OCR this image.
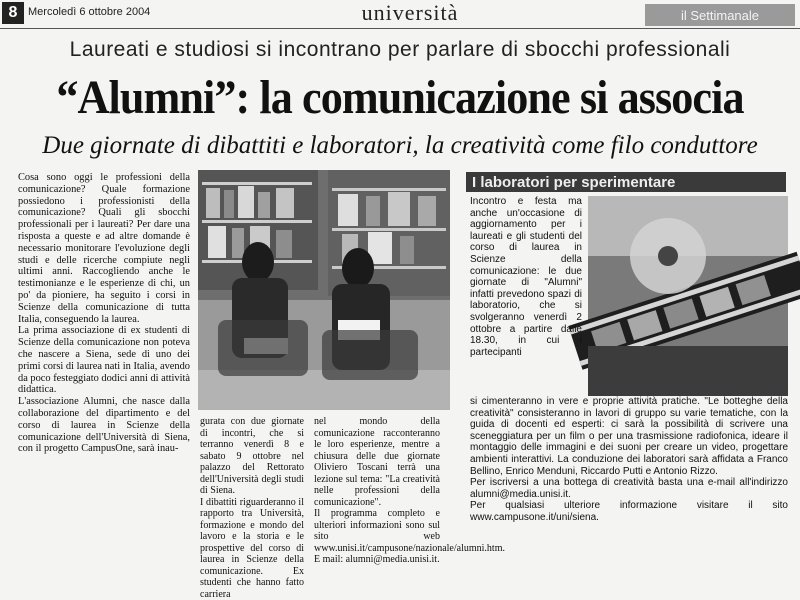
8 Mercoledì 6 ottobre 2004	università	il Settimanale
Laureati e studiosi si incontrano per parlare di sbocchi professionali
“Alumni”: la comunicazione si associa
Due giornate di dibattiti e laboratori, la creatività come filo conduttore

Cosa sono oggi le professioni della comunicazione? Quale formazione possiedono i professionisti della comunicazione? Quali gli sbocchi professionali per i laureati? Per dare una risposta a queste e ad altre domande è necessario monitorare l'evoluzione degli studi e delle ricerche compiute negli ultimi anni. Raccogliendo anche le testimonianze e le esperienze di chi, un po' da pioniere, ha seguito i corsi in Scienze della comunicazione di tutta Italia, conseguendo la laurea.

La prima associazione di ex studenti di Scienze della comunicazione non poteva che nascere a Siena, sede di uno dei primi corsi di laurea nati in Italia, avendo da poco festeggiato dodici anni di attività didattica.

L'associazione Alumni, che nasce dalla collaborazione del dipartimento e del corso di laurea in Scienze della comunicazione dell'Università di Siena, con il progetto CampusOne, sarà inau-

gurata con due giornate di incontri, che si terranno venerdì 8 e sabato 9 ottobre nel palazzo del Rettorato dell'Università degli studi di Siena.

I dibattiti riguarderanno il rapporto tra Università, formazione e mondo del lavoro e la storia e le prospettive del corso di laurea in Scienze della comunicazione. Ex studenti che hanno fatto carriera

nel mondo della comunicazione racconteranno le loro esperienze, mentre a chiusura delle due giornate Oliviero Toscani terrà una lezione sul tema: "La creatività nelle professioni della comunicazione".

Il programma completo e ulteriori informazioni sono sul sito web www.unisi.it/campusone/nazionale/alumni.htm. E mail: alumni@media.unisi.it.

I laboratori per sperimentare
Incontro e festa ma anche un'occasione di aggiornamento per i laureati e gli studenti del corso di laurea in Scienze della comunicazione: le due giornate di "Alumni" infatti prevedono spazi di laboratorio, che si svolgeranno venerdì 2 ottobre a partire dalle 18.30, in cui i partecipanti

si cimenteranno in vere e proprie attività pratiche. "Le botteghe della creatività" consisteranno in lavori di gruppo su varie tematiche, con la guida di docenti ed esperti: ci sarà la possibilità di scrivere una sceneggiatura per un film o per una trasmissione radiofonica, ideare il montaggio delle immagini e dei suoni per creare un video, progettare ambienti interattivi. La conduzione dei laboratori sarà affidata a Franco Bellino, Enrico Menduni, Riccardo Putti e Antonio Rizzo.

Per iscriversi a una bottega di creatività basta una e-mail all'indirizzo alumni@media.unisi.it.

Per qualsiasi ulteriore informazione visitare il sito www.campusone.it/uni/siena.
